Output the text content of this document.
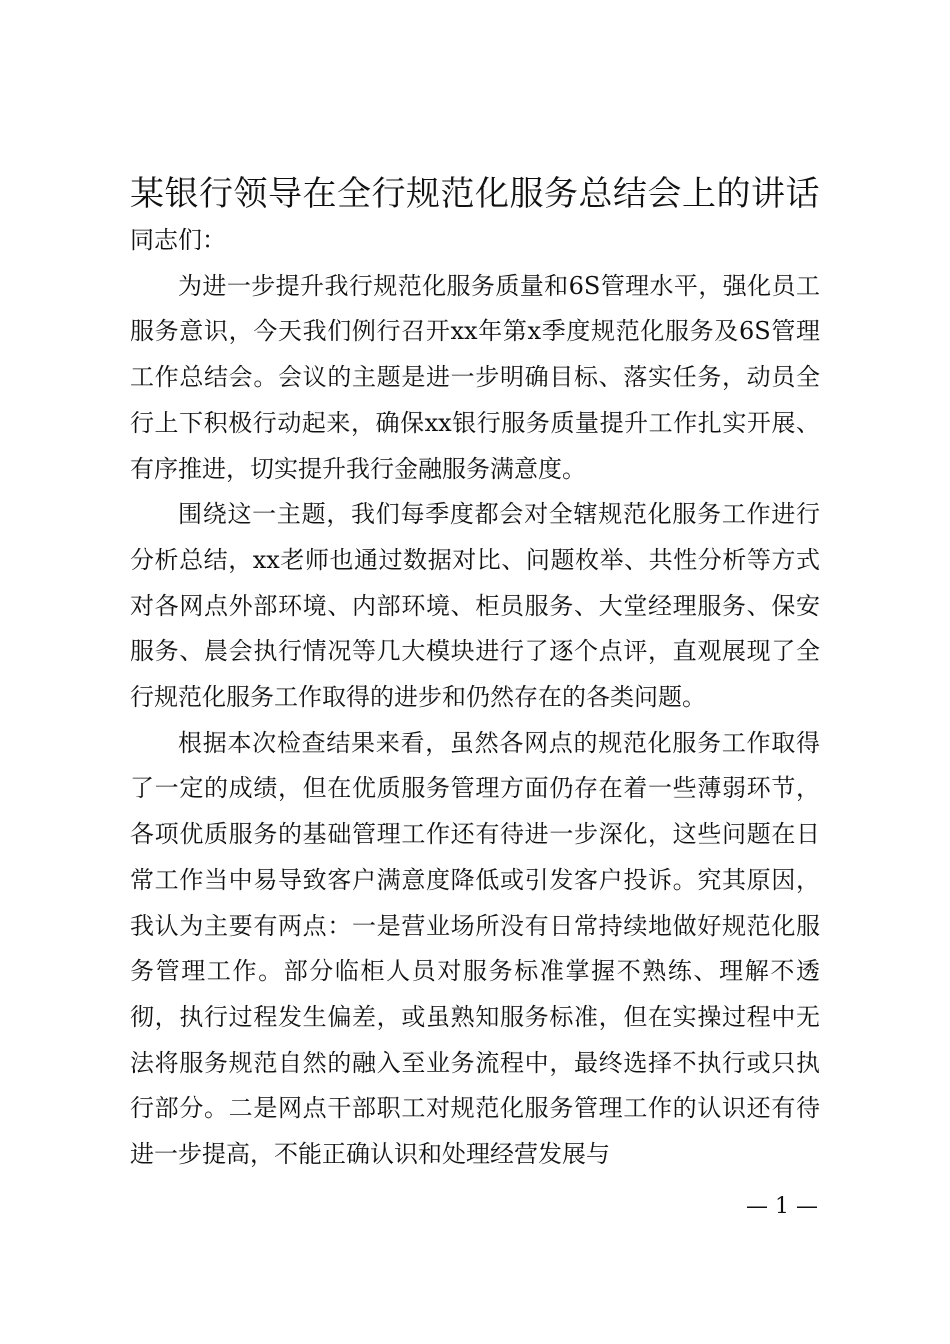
某银行领导在全行规范化服务总结会上的讲话

同志们：

为进一步提升我行规范化服务质量和6S管理水平，强化员工服务意识，今天我们例行召开xx年第x季度规范化服务及6S管理工作总结会。会议的主题是进一步明确目标、落实任务，动员全行上下积极行动起来，确保xx银行服务质量提升工作扎实开展、有序推进，切实提升我行金融服务满意度。

围绕这一主题，我们每季度都会对全辖规范化服务工作进行分析总结，xx老师也通过数据对比、问题枚举、共性分析等方式对各网点外部环境、内部环境、柜员服务、大堂经理服务、保安服务、晨会执行情况等几大模块进行了逐个点评，直观展现了全行规范化服务工作取得的进步和仍然存在的各类问题。

根据本次检查结果来看，虽然各网点的规范化服务工作取得了一定的成绩，但在优质服务管理方面仍存在着一些薄弱环节，各项优质服务的基础管理工作还有待进一步深化，这些问题在日常工作当中易导致客户满意度降低或引发客户投诉。究其原因，我认为主要有两点：一是营业场所没有日常持续地做好规范化服务管理工作。部分临柜人员对服务标准掌握不熟练、理解不透彻，执行过程发生偏差，或虽熟知服务标准，但在实操过程中无法将服务规范自然的融入至业务流程中，最终选择不执行或只执行部分。二是网点干部职工对规范化服务管理工作的认识还有待进一步提高，不能正确认识和处理经营发展与

— 1 —
